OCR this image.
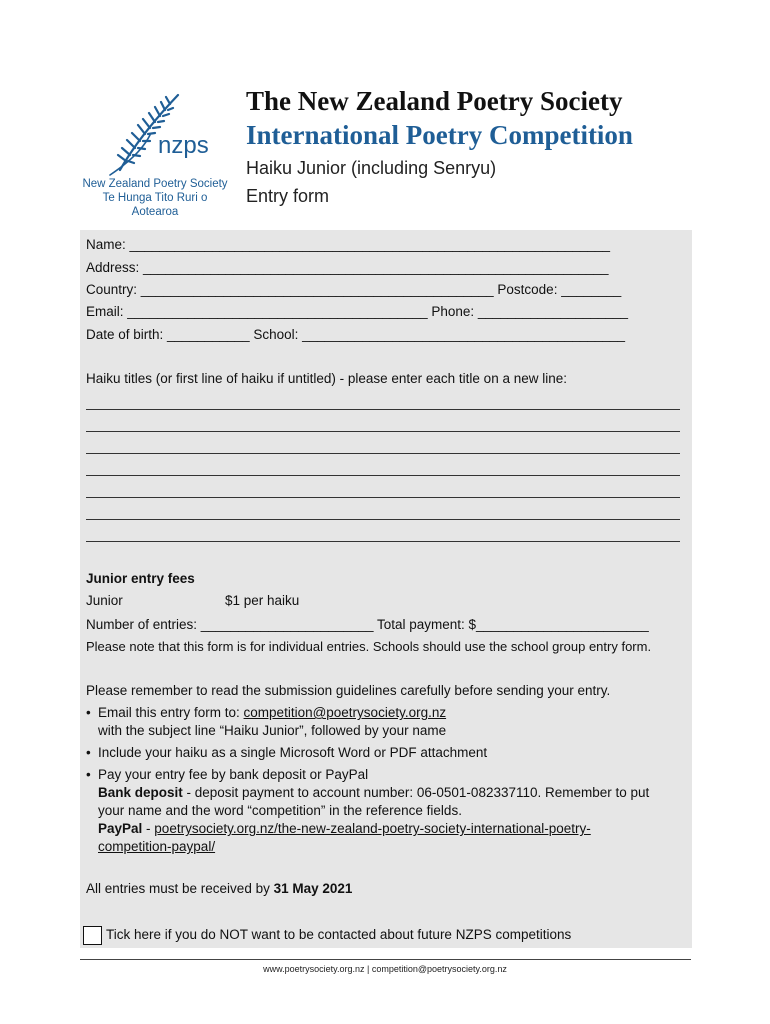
nzps
New Zealand Poetry Society
Te Hunga Tito Ruri o Aotearoa
The New Zealand Poetry Society
International Poetry Competition
Haiku Junior (including Senryu)
Entry form
Name: ________________________________________________________________
Address: ______________________________________________________________
Country: _______________________________________________ Postcode: ________
Email: ________________________________________ Phone: ____________________
Date of birth: ___________ School: ___________________________________________
Haiku titles (or first line of haiku if untitled) - please enter each title on a new line:
Junior entry fees
Junior	$1 per haiku
Number of entries: _______________________ Total payment: $_______________________
Please note that this form is for individual entries. Schools should use the school group entry form.
Please remember to read the submission guidelines carefully before sending your entry.
• Email this entry form to: competition@poetrysociety.org.nz
with the subject line “Haiku Junior”, followed by your name
• Include your haiku as a single Microsoft Word or PDF attachment
• Pay your entry fee by bank deposit or PayPal
Bank deposit - deposit payment to account number: 06-0501-082337110. Remember to put
your name and the word “competition” in the reference fields.
PayPal - poetrysociety.org.nz/the-new-zealand-poetry-society-international-poetry-
competition-paypal/
All entries must be received by 31 May 2021
Tick here if you do NOT want to be contacted about future NZPS competitions
www.poetrysociety.org.nz | competition@poetrysociety.org.nz
